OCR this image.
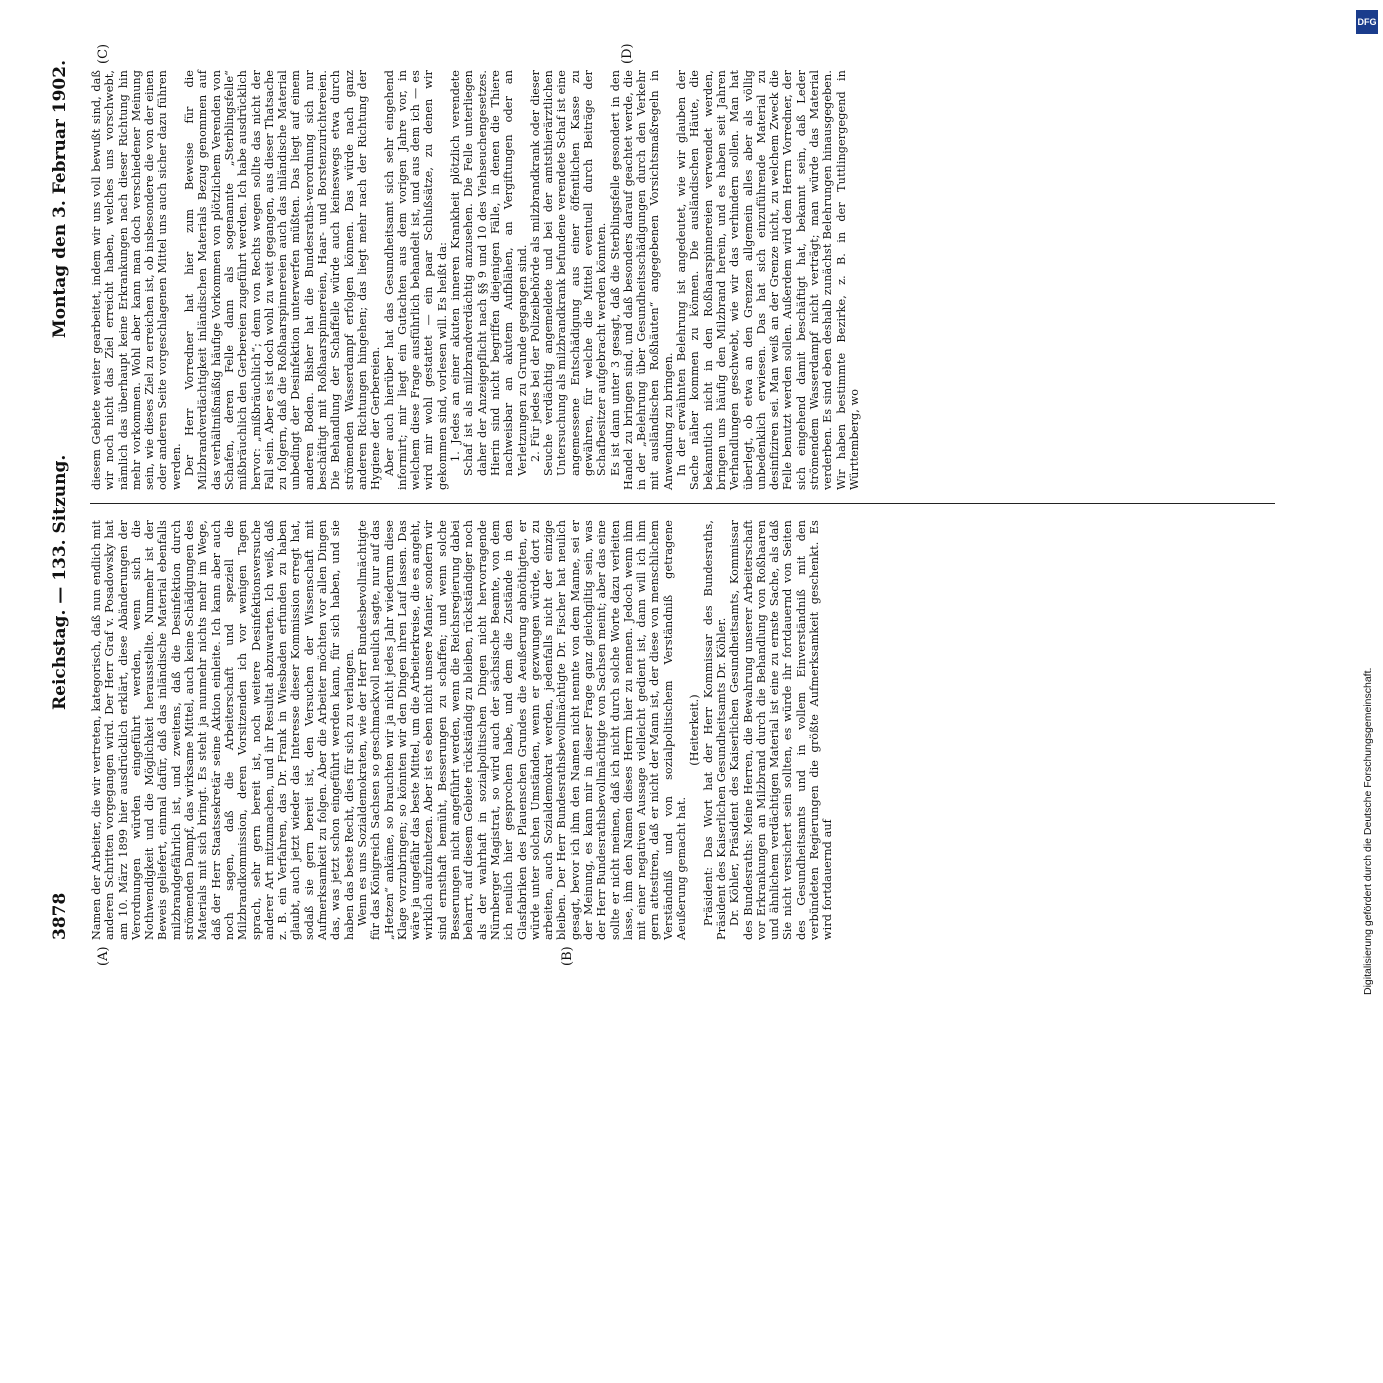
3878
Reichstag. — 133. Sitzung.
Montag den 3. Februar 1902.
(A)	(B)
(C)	(D)

Namen der Arbeiter, die wir vertreten, kategorisch, daß nun endlich mit anderen Schritten vorgegangen wird. Der Herr Graf v. Posadowsky hat am 10. März 1899 hier ausdrücklich erklärt, diese Abänderungen der Verordnungen würden eingeführt werden, wenn sich die Nothwendigkeit und die Möglichkeit herausstellte. Nunmehr ist der Beweis geliefert, einmal dafür, daß das inländische Material ebenfalls milzbrandgefährlich ist, und zweitens, daß die Desinfektion durch strömenden Dampf, das wirksame Mittel, auch keine Schädigungen des Materials mit sich bringt. Es steht ja nunmehr nichts mehr im Wege, daß der Herr Staatssekretär seine Aktion einleite. Ich kann aber auch noch sagen, daß die Arbeiterschaft und speziell die Milzbrandkommission, deren Vorsitzenden ich vor wenigen Tagen sprach, sehr gern bereit ist, noch weitere Desinfektionsversuche anderer Art mitzumachen, und ihr Resultat abzuwarten. Ich weiß, daß z. B. ein Verfahren, das Dr. Frank in Wiesbaden erfunden zu haben glaubt, auch jetzt wieder das Interesse dieser Kommission erregt hat, sodaß sie gern bereit ist, den Versuchen der Wissenschaft mit Aufmerksamkeit zu folgen. Aber die Arbeiter möchten vor allen Dingen das, was jetzt schon eingeführt werden kann, für sich haben, und sie haben das beste Recht, dies für sich zu verlangen. Wenn es uns Sozialdemokraten, wie der Herr Bundesbevollmächtigte für das Königreich Sachsen so geschmackvoll neulich sagte, nur auf das „Hetzen“ ankäme, so brauchten wir ja nicht jedes Jahr wiederum diese Klage vorzubringen; so könnten wir den Dingen ihren Lauf lassen. Das wäre ja ungefähr das beste Mittel, um die Arbeiterkreise, die es angeht, wirklich aufzuhetzen. Aber ist es eben nicht unsere Manier, sondern wir sind ernsthaft bemüht, Besserungen zu schaffen; und wenn solche Besserungen nicht angeführt werden, wenn die Reichsregierung dabei beharrt, auf diesem Gebiete rückständig zu bleiben, rückständiger noch als der wahrhaft in sozialpolitischen Dingen nicht hervorragende Nürnberger Magistrat, so wird auch der sächsische Beamte, von dem ich neulich hier gesprochen habe, und dem die Zustände in den Glasfabriken des Plauenschen Grundes die Aeußerung abnöthigten, er würde unter solchen Umständen, wenn er gezwungen würde, dort zu arbeiten, auch Sozialdemokrat werden, jedenfalls nicht der einzige bleiben. Der Herr Bundesrathsbevollmächtigte Dr. Fischer hat neulich gesagt, bevor ich ihm den Namen nicht nennte von dem Manne, sei er der Meinung, es kann mir in dieser Frage ganz gleichgiltig sein, was der Herr Bundesrathsbevollmächtigte von Sachsen meint; aber das eine sollte er nicht meinen, daß ich nicht durch solche Worte dazu verleiten lasse, ihm den Namen dieses Herrn hier zu nennen. Jedoch wenn ihm mit einer negativen Aussage vielleicht gedient ist, dann will ich ihm gern attestiren, daß er nicht der Mann ist, der diese von menschlichem Verständniß und von sozialpolitischem Verständniß getragene Aeußerung gemacht hat.

(Heiterkeit.) Präsident: Das Wort hat der Herr Kommissar des Bundesraths, Präsident des Kaiserlichen Gesundheitsamts Dr. Köhler. Dr. Köhler, Präsident des Kaiserlichen Gesundheitsamts, Kommissar des Bundesraths: Meine Herren, die Bewahrung unserer Arbeiterschaft vor Erkrankungen an Milzbrand durch die Behandlung von Roßhaaren und ähnlichem verdächtigen Material ist eine zu ernste Sache, als daß Sie nicht versichert sein sollten, es würde ihr fortdauernd von Seiten des Gesundheitsamts und in vollem Einverständniß mit den verbündeten Regierungen die größte Aufmerksamkeit geschenkt. Es wird fortdauernd auf

diesem Gebiete weiter gearbeitet, indem wir uns voll bewußt sind, daß wir noch nicht das Ziel erreicht haben, welches uns vorschwebt, nämlich das überhaupt keine Erkrankungen nach dieser Richtung hin mehr vorkommen. Wohl aber kann man doch verschiedener Meinung sein, wie dieses Ziel zu erreichen ist, ob insbesondere die von der einen oder anderen Seite vorgeschlagenen Mittel uns auch sicher dazu führen werden. Der Herr Vorredner hat hier zum Beweise für die Milzbrandverdächtigkeit inländischen Materials Bezug genommen auf das verhältnißmäßig häufige Vorkommen von plötzlichem Verenden von Schafen, deren Felle dann als sogenannte „Sterblingsfelle“ mißbräuchlich den Gerbereien zugeführt werden. Ich habe ausdrücklich hervor: „mißbräuchlich“; denn von Rechts wegen sollte das nicht der Fall sein. Aber es ist doch wohl zu weit gegangen, aus dieser Thatsache zu folgern, daß die Roßhaarspinnereien auch das inländische Material unbedingt der Desinfektion unterwerfen müßten. Das liegt auf einem anderen Boden. Bisher hat die Bundesraths-verordnung sich nur beschäftigt mit Roßhaarspinnereien, Haar- und Borstenzurichtereien. Die Behandlung der Schaffelle würde auch keineswegs etwa durch strömenden Wasserdampf erfolgen können. Das würde nach ganz anderen Richtungen hingehen; das liegt mehr nach der Richtung der Hygiene der Gerbereien. Aber auch hierüber hat das Gesundheitsamt sich sehr eingehend informirt; mir liegt ein Gutachten aus dem vorigen Jahre vor, in welchem diese Frage ausführlich behandelt ist, und aus dem ich — es wird mir wohl gestattet — ein paar Schlußsätze, zu denen wir gekommen sind, vorlesen will. Es heißt da: 1. Jedes an einer akuten inneren Krankheit plötzlich verendete Schaf ist als milzbrandverdächtig anzusehen. Die Felle unterliegen daher der Anzeigepflicht nach §§ 9 und 10 des Viehseuchengesetzes. Hierin sind nicht begriffen diejenigen Fälle, in denen die Thiere nachweisbar an akutem Aufblähen, an Vergiftungen oder an Verletzungen zu Grunde gegangen sind. 2. Für jedes bei der Polizeibehörde als milzbrandkrank oder dieser Seuche verdächtig angemeldete und bei der amtsthierärztlichen Untersuchung als milzbrandkrank befundene verendete Schaf ist eine angemessene Entschädigung aus einer öffentlichen Kasse zu gewähren, für welche die Mittel eventuell durch Beiträge der Schafbesitzer aufgebracht werden könnten. Es ist dann unter 3 gesagt, daß die Sterblingsfelle gesondert in den Handel zu bringen sind, und daß besonders darauf geachtet werde, die in der „Belehrung über Gesundheitsschädigungen durch den Verkehr mit ausländischen Roßhäuten“ angegebenen Vorsichtsmaßregeln in Anwendung zu bringen. In der erwähnten Belehrung ist angedeutet, wie wir glauben der Sache näher kommen zu können. Die ausländischen Häute, die bekanntlich nicht in den Roßhaarspinnereien verwendet werden, bringen uns häufig den Milzbrand herein, und es haben seit Jahren Verhandlungen geschwebt, wie wir das verhindern sollen. Man hat überlegt, ob etwa an den Grenzen allgemein alles aber als völlig unbedenklich erwiesen. Das hat sich einzuführende Material zu desinfiziren sei. Man weiß an der Grenze nicht, zu welchem Zweck die Felle benutzt werden sollen. Außerdem wird dem Herrn Vorredner, der sich eingehend damit beschäftigt hat, bekannt sein, daß Leder strömendem Wasserdampf nicht verträgt; man würde das Material verderben. Es sind eben deshalb zunächst Belehrungen hinausgegeben. Wir haben bestimmte Bezirke, z. B. in der Tuttlingergegend in Württemberg, wo

DFG
Digitalisierung gefördert durch die Deutsche Forschungsgemeinschaft.
